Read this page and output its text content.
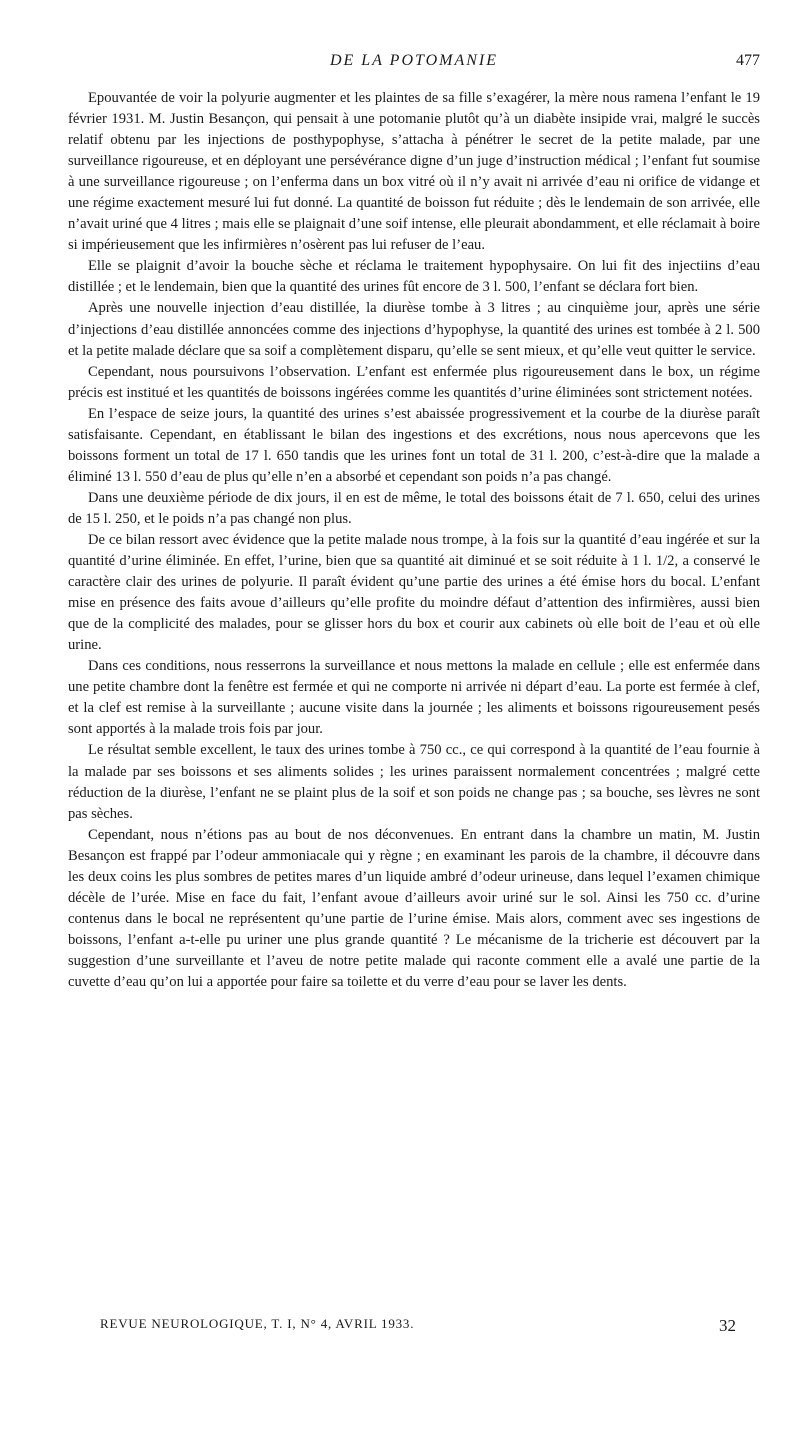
DE LA POTOMANIE	477

Epouvantée de voir la polyurie augmenter et les plaintes de sa fille s’exagérer, la mère nous ramena l’enfant le 19 février 1931. M. Justin Besançon, qui pensait à une potomanie plutôt qu’à un diabète insipide vrai, malgré le succès relatif obtenu par les injections de posthypophyse, s’attacha à pénétrer le secret de la petite malade, par une surveillance rigoureuse, et en déployant une persévérance digne d’un juge d’instruction médical ; l’enfant fut soumise à une surveillance rigoureuse ; on l’enferma dans un box vitré où il n’y avait ni arrivée d’eau ni orifice de vidange et une régime exactement mesuré lui fut donné. La quantité de boisson fut réduite ; dès le lendemain de son arrivée, elle n’avait uriné que 4 litres ; mais elle se plaignait d’une soif intense, elle pleurait abondamment, et elle réclamait à boire si impérieusement que les infirmières n’osèrent pas lui refuser de l’eau.

Elle se plaignit d’avoir la bouche sèche et réclama le traitement hypophysaire. On lui fit des injectiins d’eau distillée ; et le lendemain, bien que la quantité des urines fût encore de 3 l. 500, l’enfant se déclara fort bien.

Après une nouvelle injection d’eau distillée, la diurèse tombe à 3 litres ; au cinquième jour, après une série d’injections d’eau distillée annoncées comme des injections d’hypophyse, la quantité des urines est tombée à 2 l. 500 et la petite malade déclare que sa soif a complètement disparu, qu’elle se sent mieux, et qu’elle veut quitter le service.

Cependant, nous poursuivons l’observation. L’enfant est enfermée plus rigoureusement dans le box, un régime précis est institué et les quantités de boissons ingérées comme les quantités d’urine éliminées sont strictement notées.

En l’espace de seize jours, la quantité des urines s’est abaissée progressivement et la courbe de la diurèse paraît satisfaisante. Cependant, en établissant le bilan des ingestions et des excrétions, nous nous apercevons que les boissons forment un total de 17 l. 650 tandis que les urines font un total de 31 l. 200, c’est-à-dire que la malade a éliminé 13 l. 550 d’eau de plus qu’elle n’en a absorbé et cependant son poids n’a pas changé.

Dans une deuxième période de dix jours, il en est de même, le total des boissons était de 7 l. 650, celui des urines de 15 l. 250, et le poids n’a pas changé non plus.

De ce bilan ressort avec évidence que la petite malade nous trompe, à la fois sur la quantité d’eau ingérée et sur la quantité d’urine éliminée. En effet, l’urine, bien que sa quantité ait diminué et se soit réduite à 1 l. 1/2, a conservé le caractère clair des urines de polyurie. Il paraît évident qu’une partie des urines a été émise hors du bocal. L’enfant mise en présence des faits avoue d’ailleurs qu’elle profite du moindre défaut d’attention des infirmières, aussi bien que de la complicité des malades, pour se glisser hors du box et courir aux cabinets où elle boit de l’eau et où elle urine.

Dans ces conditions, nous resserrons la surveillance et nous mettons la malade en cellule ; elle est enfermée dans une petite chambre dont la fenêtre est fermée et qui ne comporte ni arrivée ni départ d’eau. La porte est fermée à clef, et la clef est remise à la surveillante ; aucune visite dans la journée ; les aliments et boissons rigoureusement pesés sont apportés à la malade trois fois par jour.

Le résultat semble excellent, le taux des urines tombe à 750 cc., ce qui correspond à la quantité de l’eau fournie à la malade par ses boissons et ses aliments solides ; les urines paraissent normalement concentrées ; malgré cette réduction de la diurèse, l’enfant ne se plaint plus de la soif et son poids ne change pas ; sa bouche, ses lèvres ne sont pas sèches.

Cependant, nous n’étions pas au bout de nos déconvenues. En entrant dans la chambre un matin, M. Justin Besançon est frappé par l’odeur ammoniacale qui y règne ; en examinant les parois de la chambre, il découvre dans les deux coins les plus sombres de petites mares d’un liquide ambré d’odeur urineuse, dans lequel l’examen chimique décèle de l’urée. Mise en face du fait, l’enfant avoue d’ailleurs avoir uriné sur le sol. Ainsi les 750 cc. d’urine contenus dans le bocal ne représentent qu’une partie de l’urine émise. Mais alors, comment avec ses ingestions de boissons, l’enfant a-t-elle pu uriner une plus grande quantité ? Le mécanisme de la tricherie est découvert par la suggestion d’une surveillante et l’aveu de notre petite malade qui raconte comment elle a avalé une partie de la cuvette d’eau qu’on lui a apportée pour faire sa toilette et du verre d’eau pour se laver les dents.

REVUE NEUROLOGIQUE, T. I, N° 4, AVRIL 1933.	32
